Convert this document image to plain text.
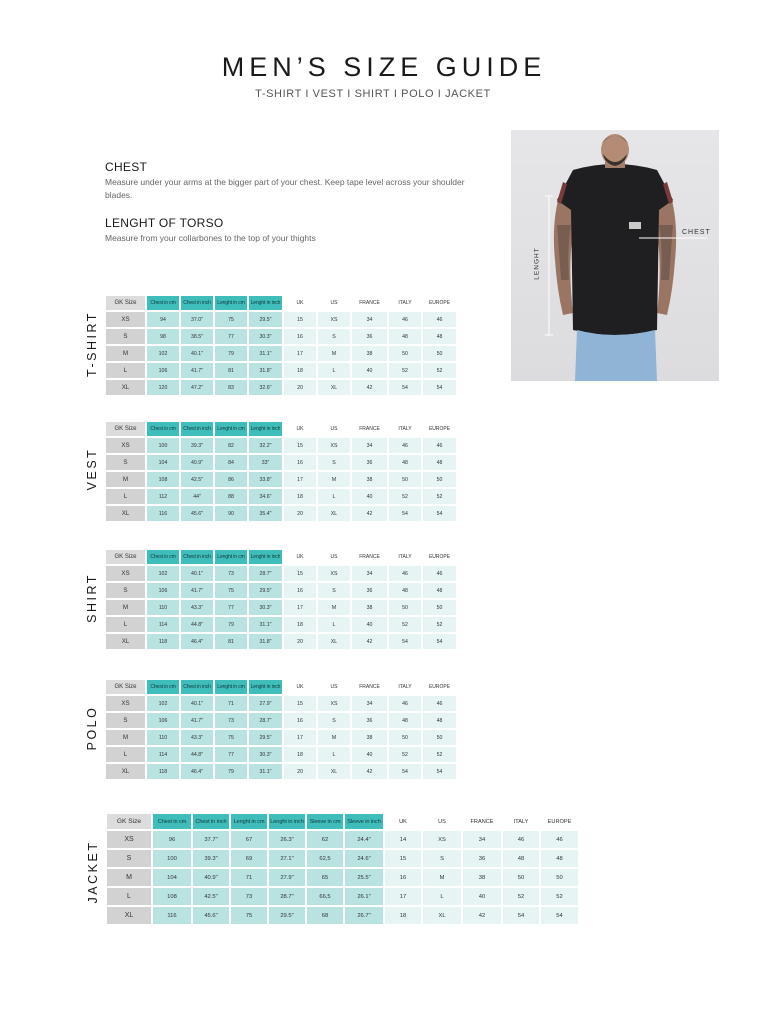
MEN’S SIZE GUIDE
T-SHIRT I VEST I SHIRT I POLO I JACKET
CHEST
Measure under your arms at the bigger part of your chest. Keep tape level across your shoulder blades.
LENGHT OF TORSO
Measure from your collarbones to the top of your thights
CHEST
LENGHT
T-SHIRT
GK Size	Chest in cm	Chest in inch	Lenght in cm	Lenght in inch	UK	US	FRANCE	ITALY	EUROPE
XS	94	37.0"	75	29.5"	15	XS	34	46	46
S	98	38.5"	77	30.3"	16	S	36	48	48
M	102	40.1"	79	31.1"	17	M	38	50	50
L	106	41.7"	81	31.8"	18	L	40	52	52
XL	120	47.2"	83	32.6"	20	XL	42	54	54
VEST
GK Size	Chest in cm	Chest in inch	Lenght in cm	Lenght in inch	UK	US	FRANCE	ITALY	EUROPE
XS	100	39.3"	82	32.2"	15	XS	34	46	46
S	104	40.9"	84	33"	16	S	36	48	48
M	108	42.5"	86	33.8"	17	M	38	50	50
L	112	44"	88	34.6"	18	L	40	52	52
XL	116	45.6"	90	35.4"	20	XL	42	54	54
SHIRT
GK Size	Chest in cm	Chest in inch	Lenght in cm	Lenght in inch	UK	US	FRANCE	ITALY	EUROPE
XS	102	40.1"	73	28.7"	15	XS	34	46	46
S	106	41.7"	75	29.5"	16	S	36	48	48
M	110	43.3"	77	30.3"	17	M	38	50	50
L	114	44.8"	79	31.1"	18	L	40	52	52
XL	118	46.4"	81	31.8"	20	XL	42	54	54
POLO
GK Size	Chest in cm	Chest in inch	Lenght in cm	Lenght in inch	UK	US	FRANCE	ITALY	EUROPE
XS	102	40.1"	71	27.9"	15	XS	34	46	46
S	106	41.7"	73	28.7"	16	S	36	48	48
M	110	43.3"	75	29.5"	17	M	38	50	50
L	114	44.8"	77	30.3"	18	L	40	52	52
XL	118	46.4"	79	31.1"	20	XL	42	54	54
JACKET
GK Size	Chest in cm	Chest in inch	Lenght in cm	Lenght in inch	Sleeve in cm	Sleeve in inch	UK	US	FRANCE	ITALY	EUROPE
XS	96	37.7"	67	26.3"	62	24.4"	14	XS	34	46	46
S	100	39.3"	69	27.1"	62,5	24.6"	15	S	36	48	48
M	104	40.9"	71	27.9"	65	25.5"	16	M	38	50	50
L	108	42.5"	73	28.7"	66,5	26.1"	17	L	40	52	52
XL	116	45.6"	75	29.5"	68	26.7"	18	XL	42	54	54
